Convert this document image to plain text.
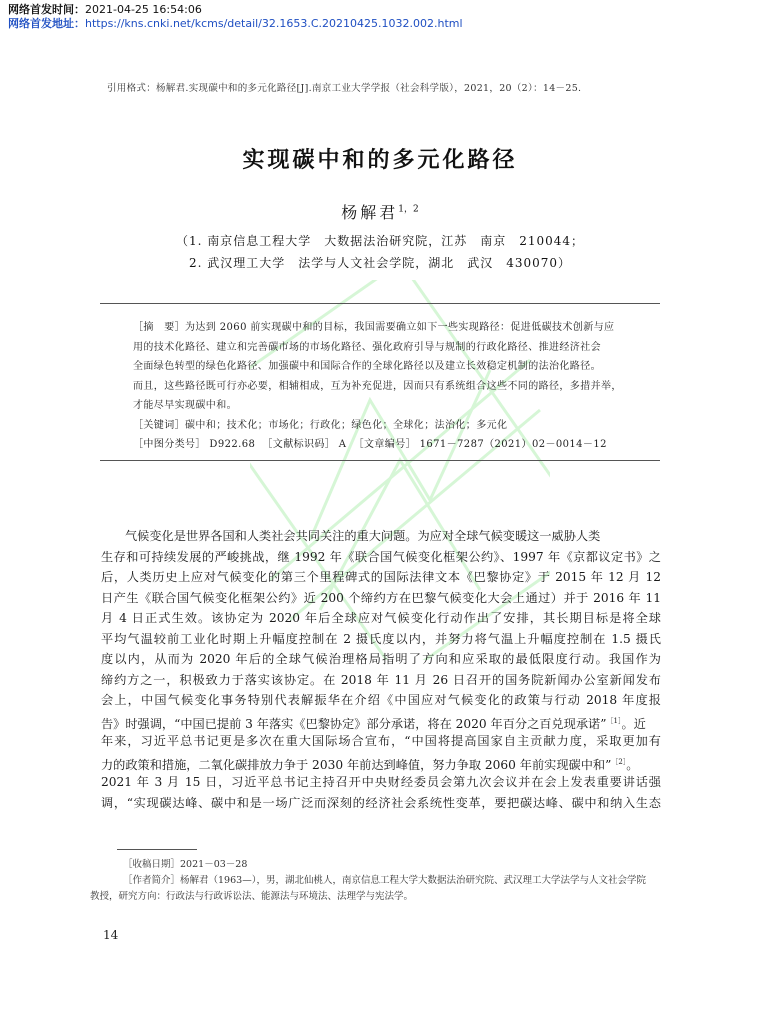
网络首发时间：2021-04-25 16:54:06
网络首发地址：https://kns.cnki.net/kcms/detail/32.1653.C.20210425.1032.002.html
引用格式：杨解君.实现碳中和的多元化路径[J].南京工业大学学报（社会科学版），2021，20（2）：14－25.
实现碳中和的多元化路径
杨解君$^{1,2}$
（1. 南京信息工程大学　大数据法治研究院，江苏　南京　210044；
2. 武汉理工大学　法学与人文社会学院，湖北　武汉　430070）
［摘　要］为达到 2060 前实现碳中和的目标，我国需要确立如下一些实现路径：促进低碳技术创新与应
用的技术化路径、建立和完善碳市场的市场化路径、强化政府引导与规制的行政化路径、推进经济社会
全面绿色转型的绿色化路径、加强碳中和国际合作的全球化路径以及建立长效稳定机制的法治化路径。
而且，这些路径既可行亦必要，相辅相成，互为补充促进，因而只有系统组合这些不同的路径，多措并举，
才能尽早实现碳中和。
［关键词］碳中和；技术化；市场化；行政化；绿色化；全球化；法治化；多元化
［中图分类号］ D922.68 ［文献标识码］ A ［文章编号］ 1671－7287（2021）02－0014－12
气候变化是世界各国和人类社会共同关注的重大问题。为应对全球气候变暖这一威胁人类
生存和可持续发展的严峻挑战，继 1992 年《联合国气候变化框架公约》、1997 年《京都议定书》之
后，人类历史上应对气候变化的第三个里程碑式的国际法律文本《巴黎协定》于 2015 年 12 月 12
日产生《联合国气候变化框架公约》近 200 个缔约方在巴黎气候变化大会上通过）并于 2016 年 11
月 4 日正式生效。该协定为 2020 年后全球应对气候变化行动作出了安排，其长期目标是将全球
平均气温较前工业化时期上升幅度控制在 2 摄氏度以内，并努力将气温上升幅度控制在 1.5 摄氏
度以内，从而为 2020 年后的全球气候治理格局指明了方向和应采取的最低限度行动。我国作为
缔约方之一，积极致力于落实该协定。在 2018 年 11 月 26 日召开的国务院新闻办公室新闻发布
会上，中国气候变化事务特别代表解振华在介绍《中国应对气候变化的政策与行动 2018 年度报
告》时强调，“中国已提前 3 年落实《巴黎协定》部分承诺，将在 2020 年百分之百兑现承诺”$^{[1]}$。近
年来，习近平总书记更是多次在重大国际场合宣布，“中国将提高国家自主贡献力度，采取更加有
力的政策和措施，二氧化碳排放力争于 2030 年前达到峰值，努力争取 2060 年前实现碳中和”$^{[2]}$。
2021 年 3 月 15 日，习近平总书记主持召开中央财经委员会第九次会议并在会上发表重要讲话强
调，“实现碳达峰、碳中和是一场广泛而深刻的经济社会系统性变革，要把碳达峰、碳中和纳入生态
［收稿日期］2021－03－28
［作者简介］杨解君（1963—），男，湖北仙桃人，南京信息工程大学大数据法治研究院、武汉理工大学法学与人文社会学院
教授，研究方向：行政法与行政诉讼法、能源法与环境法、法理学与宪法学。
14
